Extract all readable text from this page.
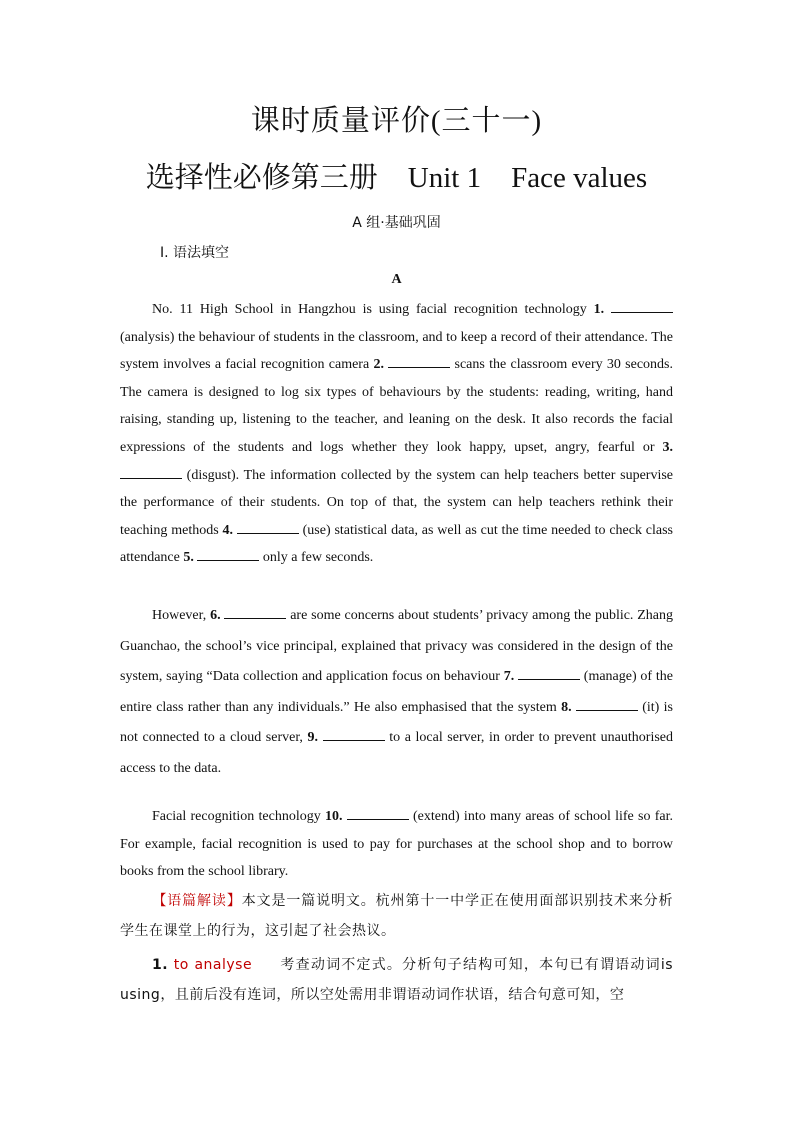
课时质量评价(三十一)
选择性必修第三册 Unit 1 Face values
A 组·基础巩固
Ⅰ. 语法填空
A
No. 11 High School in Hangzhou is using facial recognition technology 1.  (analysis) the behaviour of students in the classroom, and to keep a record of their attendance. The system involves a facial recognition camera 2.	scans the classroom every 30 seconds. The camera is designed to log six types of behaviours by the students: reading, writing, hand raising, standing up, listening to the teacher, and leaning on the desk. It also records the facial expressions of the students and logs whether they look happy, upset, angry, fearful or 3.  (disgust). The information collected by the system can help teachers better supervise the performance of their students. On top of that, the system can help teachers rethink their teaching methods 4.	(use) statistical data, as well as cut the time needed to check class attendance 5.	only a few seconds.
However, 6.	are some concerns about students’ privacy among the public. Zhang Guanchao, the school’s vice principal, explained that privacy was considered in the design of the system, saying “Data collection and application focus on behaviour 7.	(manage) of the entire class rather than any individuals.” He also emphasised that the system 8.	(it) is not connected to a cloud server, 9.	to a local server, in order to prevent unauthorised access to the data.
Facial recognition technology 10.	(extend) into many areas of school life so far. For example, facial recognition is used to pay for purchases at the school shop and to borrow books from the school library.
【语篇解读】本文是一篇说明文。杭州第十一中学正在使用面部识别技术来分析学生在课堂上的行为，这引起了社会热议。
1. to analyse 考查动词不定式。分析句子结构可知，本句已有谓语动词is using，且前后没有连词，所以空处需用非谓语动词作状语，结合句意可知，空
